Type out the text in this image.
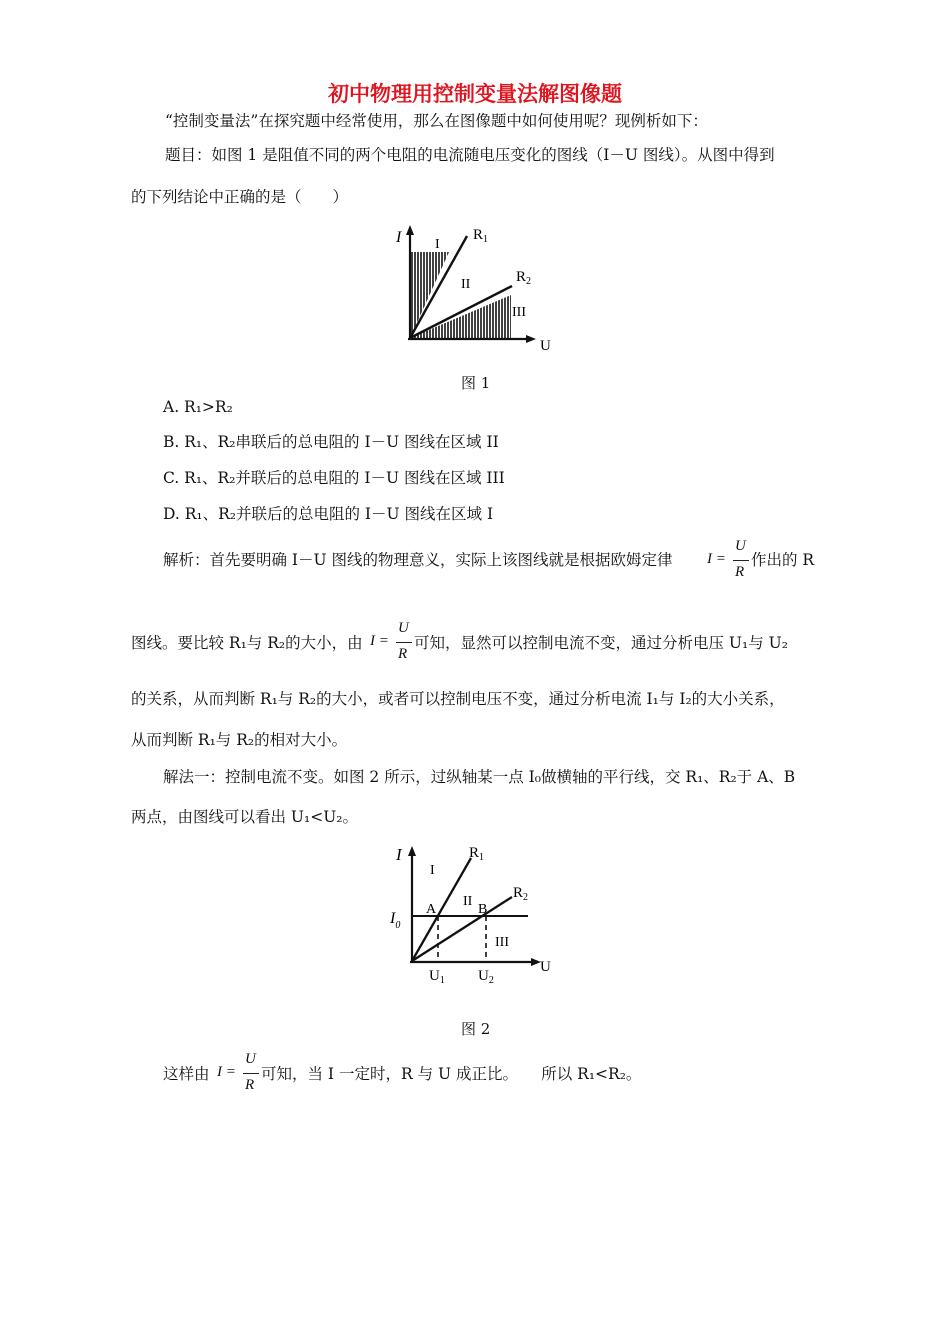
初中物理用控制变量法解图像题
“控制变量法”在探究题中经常使用，那么在图像题中如何使用呢？现例析如下：
题目：如图 1 是阻值不同的两个电阻的电流随电压变化的图线（I－U 图线）。从图中得到
的下列结论中正确的是（　　）
I
U
$R_1$
$R_2$
I
II
III
图 1
A. R₁>R₂
B. R₁、R₂串联后的总电阻的 I－U 图线在区域 II
C. R₁、R₂并联后的总电阻的 I－U 图线在区域 III
D. R₁、R₂并联后的总电阻的 I－U 图线在区域 I
解析：首先要明确 I－U 图线的物理意义，实际上该图线就是根据欧姆定律 I =
U
R
作出的 R
图线。要比较 R₁与 R₂的大小，由 I =
U
R
可知，显然可以控制电流不变，通过分析电压 U₁与 U₂
的关系，从而判断 R₁与 R₂的大小，或者可以控制电压不变，通过分析电流 I₁与 I₂的大小关系，
从而判断 R₁与 R₂的相对大小。
解法一：控制电流不变。如图 2 所示，过纵轴某一点 I₀做横轴的平行线，交 R₁、R₂于 A、B
两点，由图线可以看出 U₁<U₂。
I
U
$I_0$
$R_1$
$R_2$
A	B
$U_1$ $U_2$
I
II
III
图 2
这样由 I =
U
R
可知，当 I 一定时，R 与 U 成正比。　　所以 R₁<R₂。
